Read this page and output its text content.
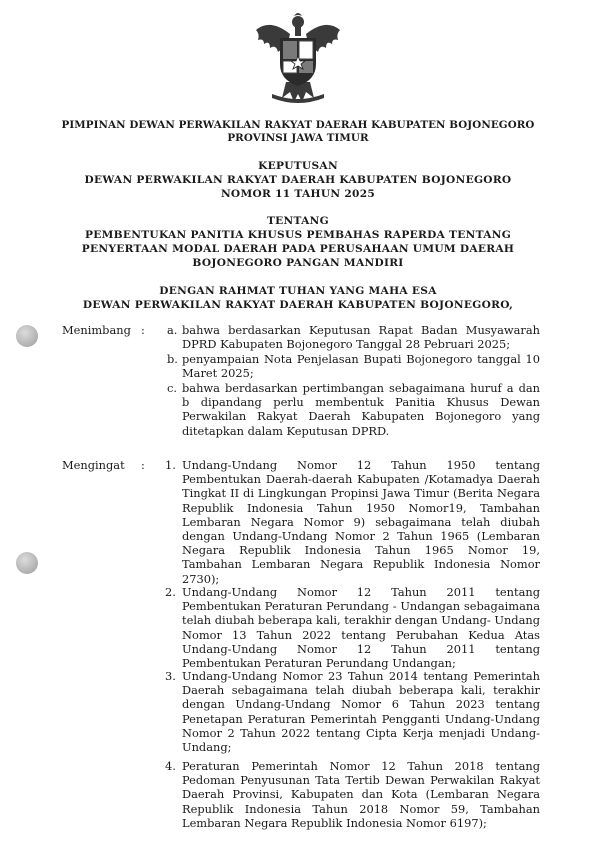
PIMPINAN DEWAN PERWAKILAN RAKYAT DAERAH KABUPATEN BOJONEGORO
PROVINSI JAWA TIMUR
KEPUTUSAN
DEWAN PERWAKILAN RAKYAT DAERAH KABUPATEN BOJONEGORO
NOMOR 11 TAHUN 2025
TENTANG
PEMBENTUKAN PANITIA KHUSUS PEMBAHAS RAPERDA TENTANG
PENYERTAAN MODAL DAERAH PADA PERUSAHAAN UMUM DAERAH
BOJONEGORO PANGAN MANDIRI
DENGAN RAHMAT TUHAN YANG MAHA ESA
DEWAN PERWAKILAN RAKYAT DAERAH KABUPATEN BOJONEGORO,
Menimbang : a. bahwa berdasarkan Keputusan Rapat Badan Musyawarah DPRD Kabupaten Bojonegoro Tanggal 28 Pebruari 2025;
b. penyampaian Nota Penjelasan Bupati Bojonegoro tanggal 10 Maret 2025;
c. bahwa berdasarkan pertimbangan sebagaimana huruf a dan b dipandang perlu membentuk Panitia Khusus Dewan Perwakilan Rakyat Daerah Kabupaten Bojonegoro yang ditetapkan dalam Keputusan DPRD.
Mengingat : 1. Undang-Undang Nomor 12 Tahun 1950 tentang Pembentukan Daerah-daerah Kabupaten /Kotamadya Daerah Tingkat II di Lingkungan Propinsi Jawa Timur (Berita Negara Republik Indonesia Tahun 1950 Nomor19, Tambahan Lembaran Negara Nomor 9) sebagaimana telah diubah dengan Undang-Undang Nomor 2 Tahun 1965 (Lembaran Negara Republik Indonesia Tahun 1965 Nomor 19, Tambahan Lembaran Negara Republik Indonesia Nomor 2730);
2. Undang-Undang Nomor 12 Tahun 2011 tentang Pembentukan Peraturan Perundang - Undangan sebagaimana telah diubah beberapa kali, terakhir dengan Undang- Undang Nomor 13 Tahun 2022 tentang Perubahan Kedua Atas Undang-Undang Nomor 12 Tahun 2011 tentang Pembentukan Peraturan Perundang Undangan;
3. Undang-Undang Nomor 23 Tahun 2014 tentang Pemerintah Daerah sebagaimana telah diubah beberapa kali, terakhir dengan Undang-Undang Nomor 6 Tahun 2023 tentang Penetapan Peraturan Pemerintah Pengganti Undang-Undang Nomor 2 Tahun 2022 tentang Cipta Kerja menjadi Undang-Undang;
4. Peraturan Pemerintah Nomor 12 Tahun 2018 tentang Pedoman Penyusunan Tata Tertib Dewan Perwakilan Rakyat Daerah Provinsi, Kabupaten dan Kota (Lembaran Negara Republik Indonesia Tahun 2018 Nomor 59, Tambahan Lembaran Negara Republik Indonesia Nomor 6197);
